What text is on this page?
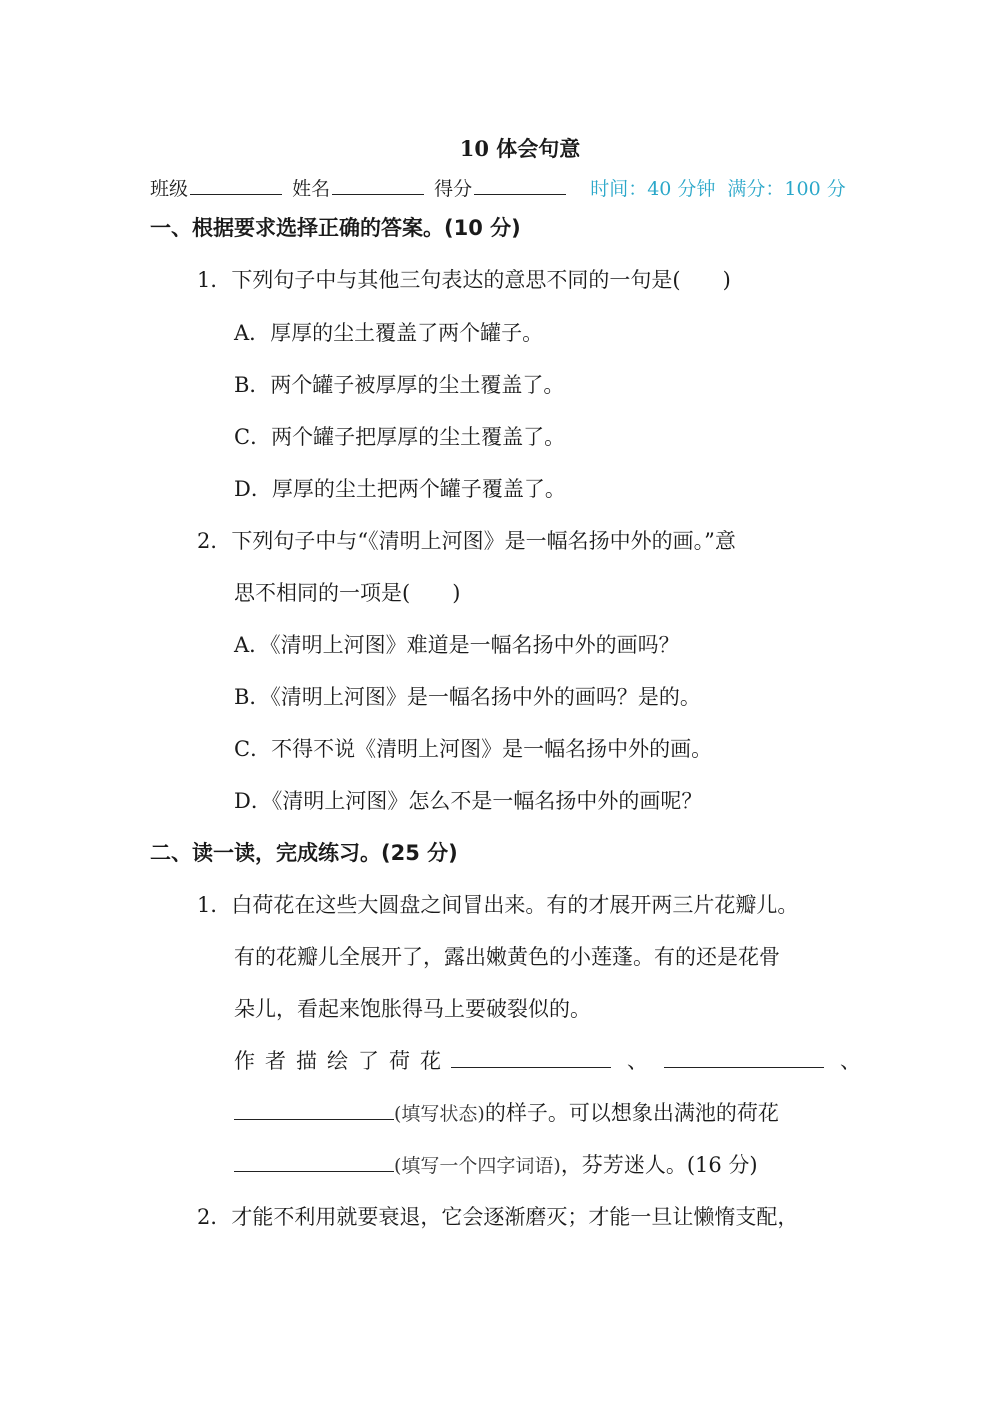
10 体会句意
班级	姓名	得分	时间：40 分钟 满分：100 分
一、根据要求选择正确的答案。(10 分)
1．下列句子中与其他三句表达的意思不同的一句是(　　)
A．厚厚的尘土覆盖了两个罐子。
B．两个罐子被厚厚的尘土覆盖了。
C．两个罐子把厚厚的尘土覆盖了。
D．厚厚的尘土把两个罐子覆盖了。
2．下列句子中与“《清明上河图》是一幅名扬中外的画。”意
思不相同的一项是(　　)
A．《清明上河图》难道是一幅名扬中外的画吗？
B．《清明上河图》是一幅名扬中外的画吗？是的。
C．不得不说《清明上河图》是一幅名扬中外的画。
D．《清明上河图》怎么不是一幅名扬中外的画呢？
二、读一读，完成练习。(25 分)
1．白荷花在这些大圆盘之间冒出来。有的才展开两三片花瓣儿。
有的花瓣儿全展开了，露出嫩黄色的小莲蓬。有的还是花骨
朵儿，看起来饱胀得马上要破裂似的。
作者描绘了荷花	、	、
(填写状态)的样子。可以想象出满池的荷花
(填写一个四字词语)，芬芳迷人。(16 分)
2．才能不利用就要衰退，它会逐渐磨灭；才能一旦让懒惰支配，
